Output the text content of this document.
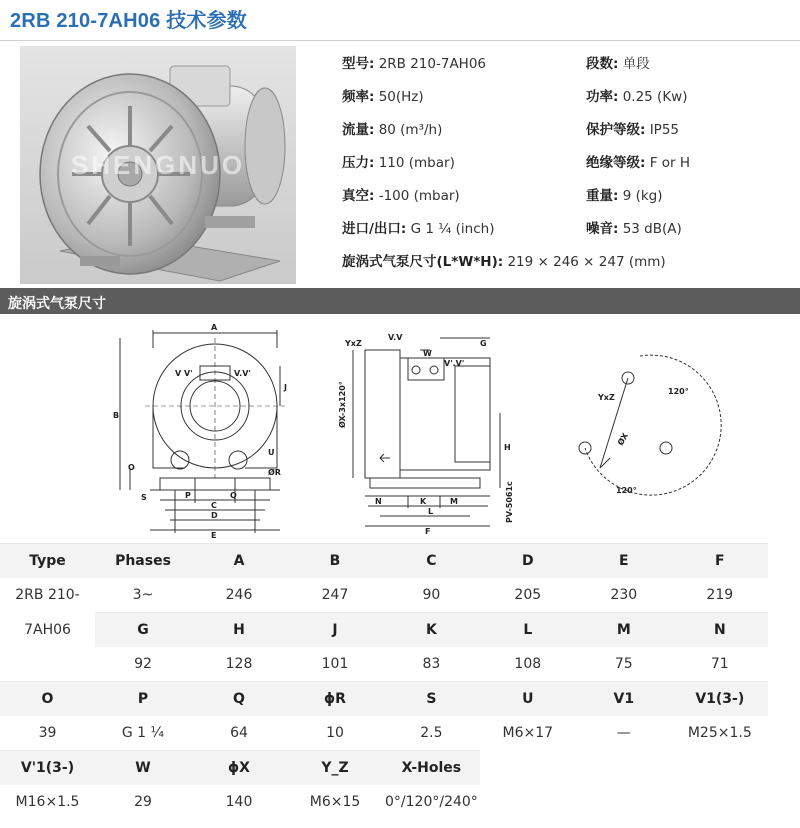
2RB 210-7AH06 技术参数
SHENGNUO
型号: 2RB 210-7AH06	段数: 单段
频率: 50(Hz)	功率: 0.25 (Kw)
流量: 80 (m³/h)	保护等级: IP55
压力: 110 (mbar)	绝缘等级: F or H
真空: -100 (mbar)	重量: 9 (kg)
进口/出口: G 1 ¼ (inch)	噪音: 53 dB(A)
旋涡式气泵尺寸(L*W*H): 219 × 246 × 247 (mm)
旋涡式气泵尺寸
A
B
V V'	V.V'
J
O
S	P	Q
C
D
E
U
ØR
YxZ
V.V
G
W
V'.V'
H
N	K	M
L
F
ØX-3x120°
PV-5061c
YxZ
ØX
120°
120°
Type	Phases	A	B	C	D	E	F
2RB 210-	3~	246	247	90	205	230	219
7AH06	G	H	J	K	L	M	N
	92	128	101	83	108	75	71
O	P	Q	ϕR	S	U	V1	V1(3-)
39	G 1 ¼	64	10	2.5	M6×17	—	M25×1.5
V'1(3-)	W	ϕX	Y_Z	X-Holes			
M16×1.5	29	140	M6×15	0°/120°/240°			
